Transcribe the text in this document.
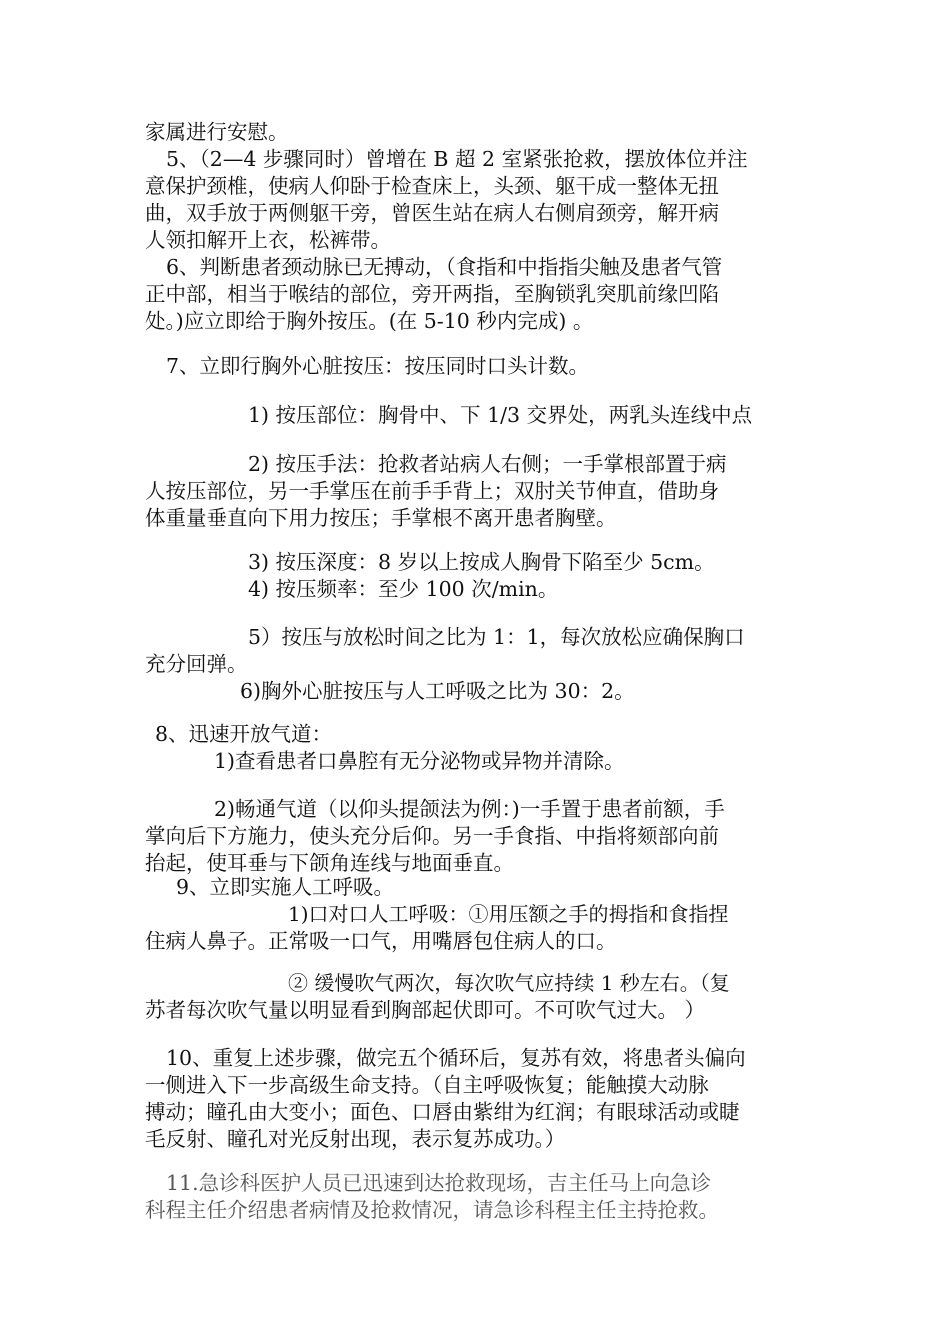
家属进行安慰。

5、（2—4 步骤同时）曾增在 B 超 2 室紧张抢救，摆放体位并注

意保护颈椎，使病人仰卧于检查床上，头颈、躯干成一整体无扭

曲，双手放于两侧躯干旁，曾医生站在病人右侧肩颈旁，解开病

人领扣解开上衣，松裤带。

6、判断患者颈动脉已无搏动，（食指和中指指尖触及患者气管

正中部，相当于喉结的部位，旁开两指，至胸锁乳突肌前缘凹陷

处。)应立即给于胸外按压。(在 5-10 秒内完成) 。

7、立即行胸外心脏按压：按压同时口头计数。

1) 按压部位：胸骨中、下 1/3 交界处，两乳头连线中点

2) 按压手法：抢救者站病人右侧；一手掌根部置于病

人按压部位，另一手掌压在前手手背上；双肘关节伸直，借助身

体重量垂直向下用力按压；手掌根不离开患者胸壁。

3) 按压深度：8 岁以上按成人胸骨下陷至少 5cm。

4) 按压频率：至少 100 次/min。

5）按压与放松时间之比为 1：1，每次放松应确保胸口

充分回弹。

6)胸外心脏按压与人工呼吸之比为 30：2。

8、迅速开放气道：

1)查看患者口鼻腔有无分泌物或异物并清除。

2)畅通气道（以仰头提颌法为例：)一手置于患者前额，手

掌向后下方施力，使头充分后仰。另一手食指、中指将颏部向前

抬起，使耳垂与下颌角连线与地面垂直。

9、立即实施人工呼吸。

1)口对口人工呼吸：①用压额之手的拇指和食指捏

住病人鼻子。正常吸一口气，用嘴唇包住病人的口。

② 缓慢吹气两次，每次吹气应持续 1 秒左右。（复

苏者每次吹气量以明显看到胸部起伏即可。不可吹气过大。 ）

10、重复上述步骤，做完五个循环后，复苏有效，将患者头偏向

一侧进入下一步高级生命支持。（自主呼吸恢复；能触摸大动脉

搏动；瞳孔由大变小；面色、口唇由紫绀为红润；有眼球活动或睫

毛反射、瞳孔对光反射出现，表示复苏成功。）

11.急诊科医护人员已迅速到达抢救现场，吉主任马上向急诊

科程主任介绍患者病情及抢救情况，请急诊科程主任主持抢救。
